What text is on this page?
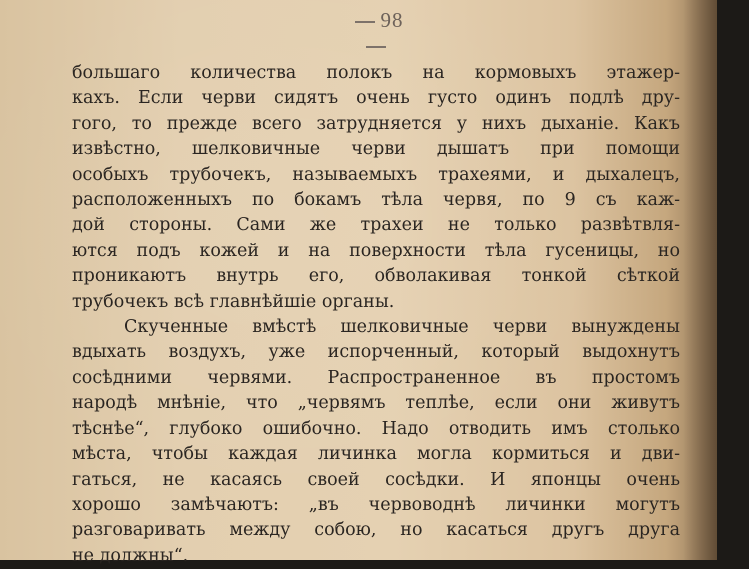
98
большагo количества полокъ на кормовыхъ этажер-
кахъ. Если черви сидятъ очень густо одинъ подлѣ дру-
гого, то прежде всего затрудняется у нихъ дыханіе. Какъ
извѣстно, шелковичные черви дышатъ при помощи
особыхъ трубочекъ, называемыхъ трахеями, и дыхалецъ,
расположенныхъ по бокамъ тѣла червя, по 9 съ каж-
дой стороны. Сами же трахеи не только развѣтвля-
ются подъ кожей и на поверхности тѣла гусеницы, но
проникаютъ внутрь его, обволакивая тонкой сѣткой
трубочекъ всѣ главнѣйшіе органы.
Скученные вмѣстѣ шелковичные черви вынуждены
вдыхать воздухъ, уже испорченный, который выдохнутъ
сосѣдними червями. Распространенное въ простомъ
народѣ мнѣніе, что „червямъ теплѣе, если они живутъ
тѣснѣе“, глубоко ошибочно. Надо отводить имъ столько
мѣста, чтобы каждая личинка могла кормиться и дви-
гаться, не касаясь своей сосѣдки. И японцы очень
хорошо замѣчаютъ: „въ червоводнѣ личинки могутъ
разговаривать между собою, но касаться другъ друга
не должны“.
